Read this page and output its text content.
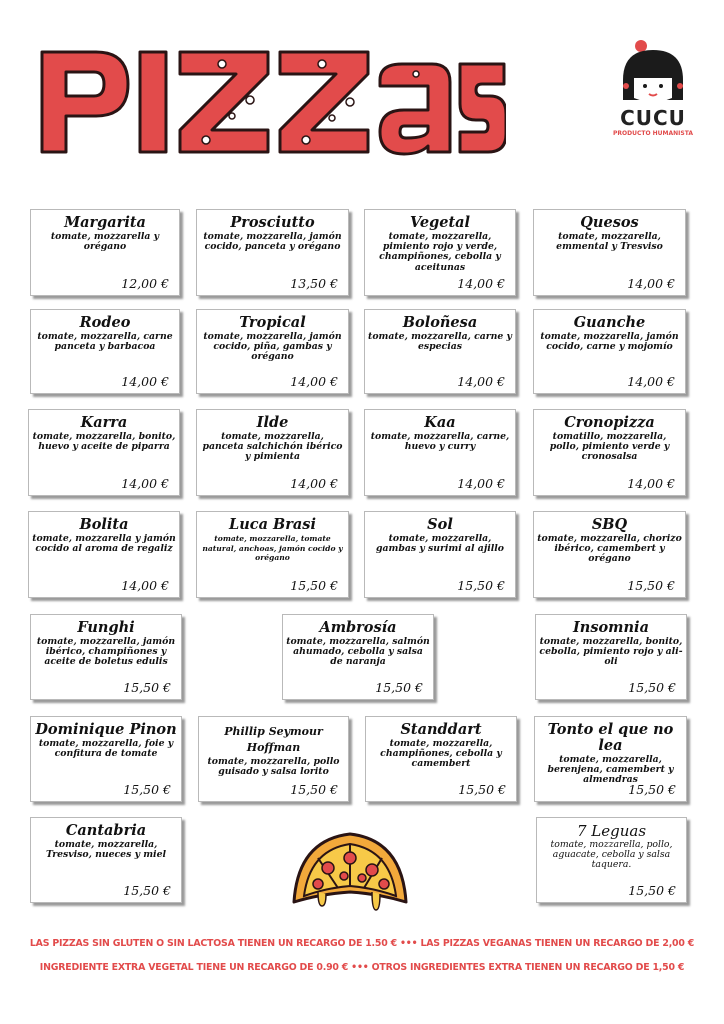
CUCU
PRODUCTO HUMANISTA
Margarita
tomate, mozzarella y orégano
12,00 €
Prosciutto
tomate, mozzarella, jamón cocido, panceta y orégano
13,50 €
Vegetal
tomate, mozzarella, pimiento rojo y verde, champiñones, cebolla y aceitunas
14,00 €
Quesos
tomate, mozzarella, emmental y Tresviso
14,00 €
Rodeo
tomate, mozzarella, carne panceta y barbacoa
14,00 €
Tropical
tomate, mozzarella, jamón cocido, piña, gambas y orégano
14,00 €
Boloñesa
tomate, mozzarella, carne y especias
14,00 €
Guanche
tomate, mozzarella, jamón cocido, carne y mojomío
14,00 €
Karra
tomate, mozzarella, bonito, huevo y aceite de piparra
14,00 €
Ilde
tomate, mozzarella, panceta salchichón ibérico y pimienta
14,00 €
Kaa
tomate, mozzarella, carne, huevo y curry
14,00 €
Cronopizza
tomatillo, mozzarella, pollo, pimiento verde y cronosalsa
14,00 €
Bolita
tomate, mozzarella y jamón cocido al aroma de regaliz
14,00 €
Luca Brasi
tomate, mozzarella, tomate natural, anchoas, jamón cocido y orégano
15,50 €
Sol
tomate, mozzarella, gambas y surimi al ajillo
15,50 €
SBQ
tomate, mozzarella, chorizo ibérico, camembert y orégano
15,50 €
Funghi
tomate, mozzarella, jamón ibérico, champiñones y aceite de boletus edulis
15,50 €
Ambrosía
tomate, mozzarella, salmón ahumado, cebolla y salsa de naranja
15,50 €
Insomnia
tomate, mozzarella, bonito, cebolla, pimiento rojo y ali-oli
15,50 €
Dominique Pinon
tomate, mozzarella, foie y confitura de tomate
15,50 €
Phillip Seymour Hoffman
tomate, mozzarella, pollo guisado y salsa lorito
15,50 €
Standdart
tomate, mozzarella, champiñones, cebolla y camembert
15,50 €
Tonto el que no lea
tomate, mozzarella, berenjena, camembert y almendras
15,50 €
Cantabria
tomate, mozzarella, Tresviso, nueces y miel
15,50 €
7 Leguas
tomate, mozzarella, pollo, aguacate, cebolla y salsa taquera.
15,50 €
LAS PIZZAS SIN GLUTEN O SIN LACTOSA TIENEN UN RECARGO DE 1.50 € ••• LAS PIZZAS VEGANAS TIENEN UN RECARGO DE 2,00 €
INGREDIENTE EXTRA VEGETAL TIENE UN RECARGO DE 0.90 € ••• OTROS INGREDIENTES EXTRA TIENEN UN RECARGO DE 1,50 €
